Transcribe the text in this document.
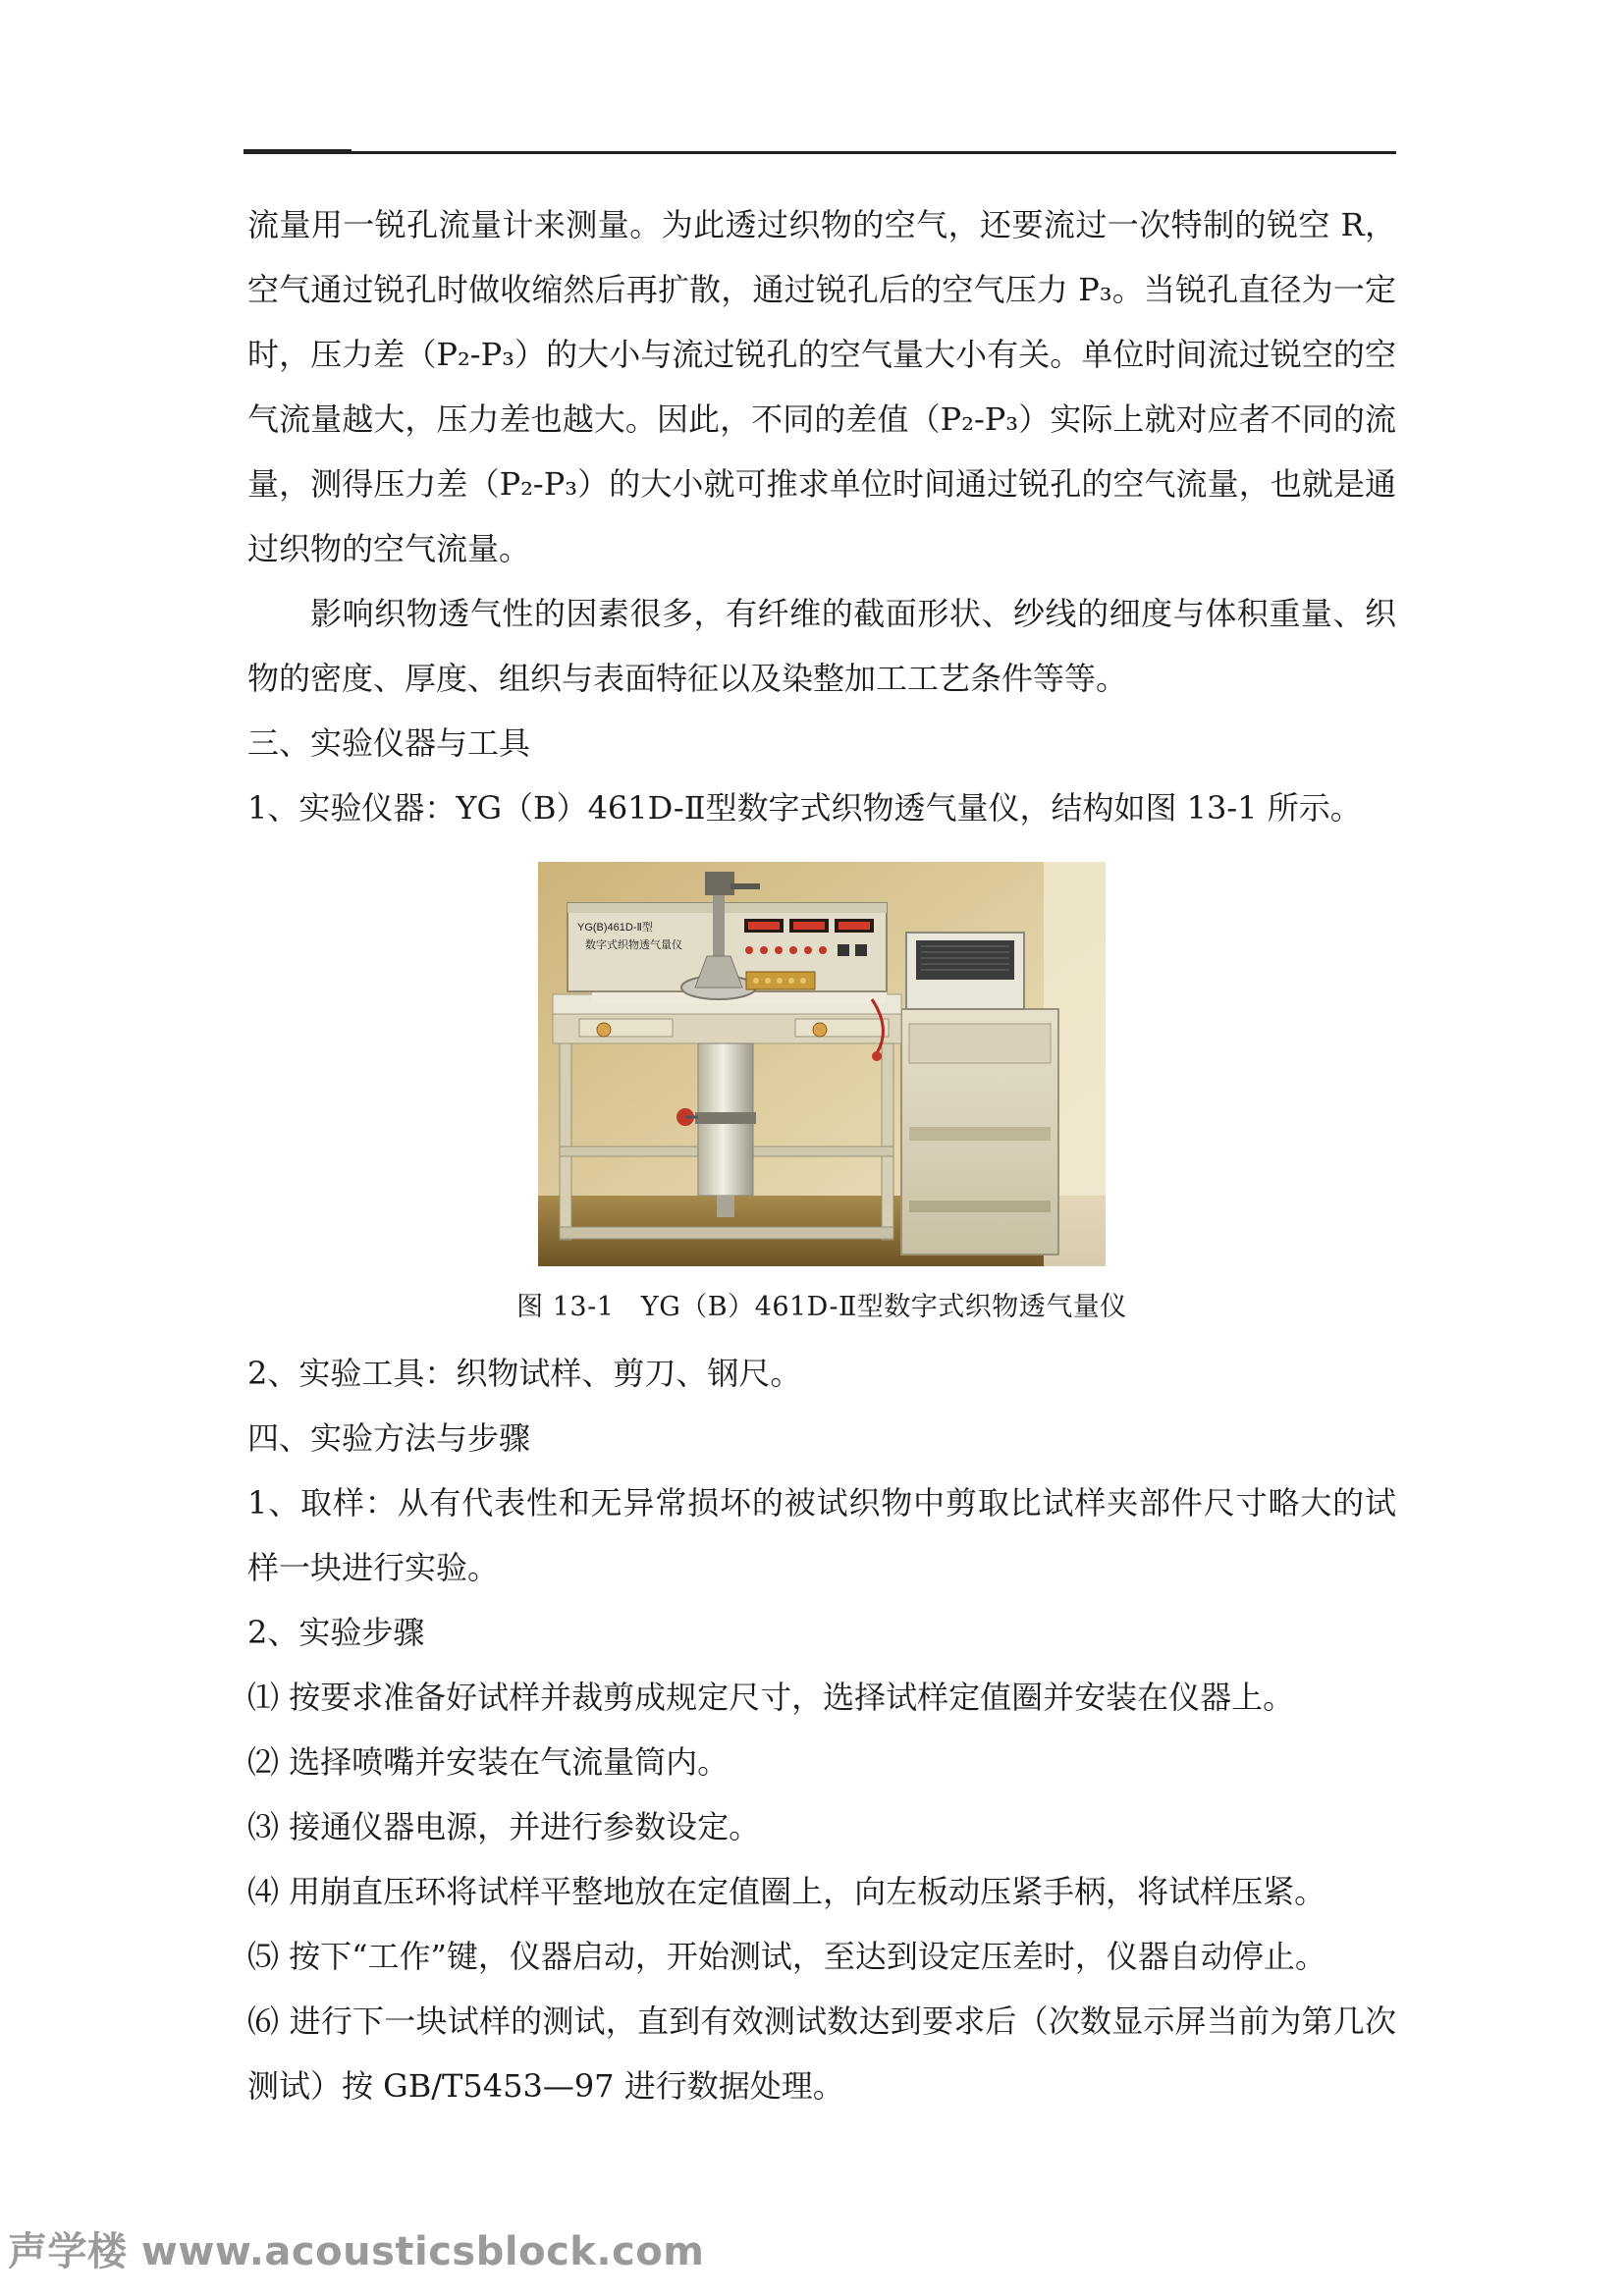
流量用一锐孔流量计来测量。为此透过织物的空气，还要流过一次特制的锐空 R，空气通过锐孔时做收缩然后再扩散，通过锐孔后的空气压力 P₃。当锐孔直径为一定时，压力差（P₂-P₃）的大小与流过锐孔的空气量大小有关。单位时间流过锐空的空气流量越大，压力差也越大。因此，不同的差值（P₂-P₃）实际上就对应者不同的流量，测得压力差（P₂-P₃）的大小就可推求单位时间通过锐孔的空气流量，也就是通过织物的空气流量。

影响织物透气性的因素很多，有纤维的截面形状、纱线的细度与体积重量、织物的密度、厚度、组织与表面特征以及染整加工工艺条件等等。

三、实验仪器与工具

1、实验仪器：YG（B）461D-Ⅱ型数字式织物透气量仪，结构如图 13-1 所示。

YG(B)461D-Ⅱ型
数字式织物透气量仪
图 13-1　YG（B）461D-Ⅱ型数字式织物透气量仪

2、实验工具：织物试样、剪刀、钢尺。

四、实验方法与步骤

1、取样：从有代表性和无异常损坏的被试织物中剪取比试样夹部件尺寸略大的试样一块进行实验。

2、实验步骤

⑴ 按要求准备好试样并裁剪成规定尺寸，选择试样定值圈并安装在仪器上。

⑵ 选择喷嘴并安装在气流量筒内。

⑶ 接通仪器电源，并进行参数设定。

⑷ 用崩直压环将试样平整地放在定值圈上，向左板动压紧手柄，将试样压紧。

⑸ 按下“工作”键，仪器启动，开始测试，至达到设定压差时，仪器自动停止。

⑹ 进行下一块试样的测试，直到有效测试数达到要求后（次数显示屏当前为第几次测试）按 GB/T5453—97 进行数据处理。

声学楼 www.acousticsblock.com
